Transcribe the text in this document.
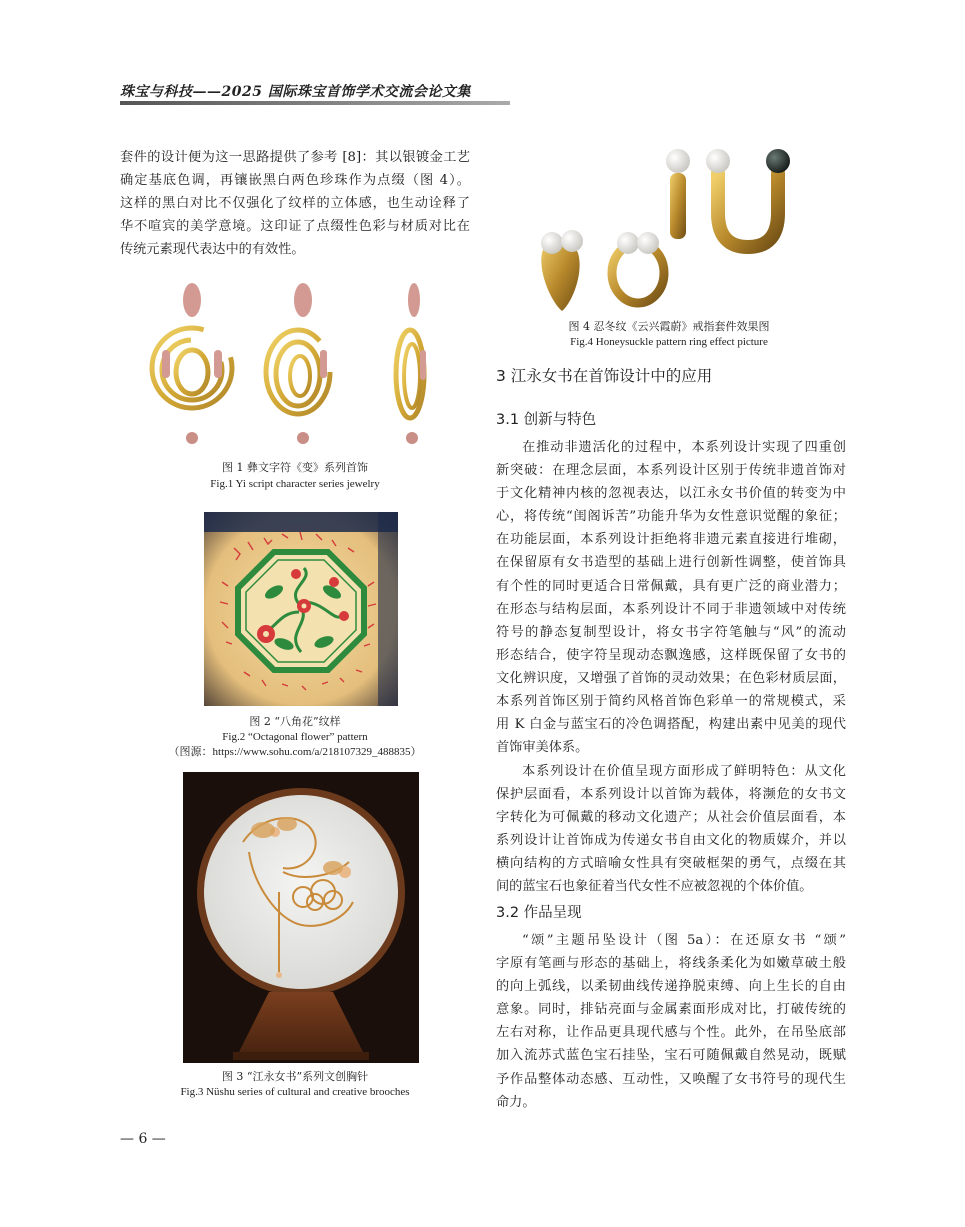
珠宝与科技——2025 国际珠宝首饰学术交流会论文集
套件的设计便为这一思路提供了参考 [8]：其以银镀金工艺
确定基底色调，再镶嵌黑白两色珍珠作为点缀（图 4）。
这样的黑白对比不仅强化了纹样的立体感，也生动诠释了
华不喧宾的美学意境。这印证了点缀性色彩与材质对比在
传统元素现代表达中的有效性。
图 1 彝文字符《变》系列首饰
Fig.1 Yi script character series jewelry
图 2 “八角花”纹样
Fig.2 “Octagonal flower” pattern
（图源：https://www.sohu.com/a/218107329_488835）
图 3 “江永女书”系列文创胸针
Fig.3 Nüshu series of cultural and creative brooches
图 4 忍冬纹《云兴霞蔚》戒指套件效果图
Fig.4 Honeysuckle pattern ring effect picture
3 江永女书在首饰设计中的应用
3.1 创新与特色
在推动非遗活化的过程中，本系列设计实现了四重创
新突破：在理念层面，本系列设计区别于传统非遗首饰对
于文化精神内核的忽视表达，以江永女书价值的转变为中
心，将传统“闺阁诉苦”功能升华为女性意识觉醒的象征；
在功能层面，本系列设计拒绝将非遗元素直接进行堆砌，
在保留原有女书造型的基础上进行创新性调整，使首饰具
有个性的同时更适合日常佩戴，具有更广泛的商业潜力；
在形态与结构层面，本系列设计不同于非遗领域中对传统
符号的静态复制型设计，将女书字符笔触与“风”的流动
形态结合，使字符呈现动态飘逸感，这样既保留了女书的
文化辨识度，又增强了首饰的灵动效果；在色彩材质层面，
本系列首饰区别于简约风格首饰色彩单一的常规模式，采
用 K 白金与蓝宝石的冷色调搭配，构建出素中见美的现代
首饰审美体系。
本系列设计在价值呈现方面形成了鲜明特色：从文化
保护层面看，本系列设计以首饰为载体，将濒危的女书文
字转化为可佩戴的移动文化遗产；从社会价值层面看，本
系列设计让首饰成为传递女书自由文化的物质媒介，并以
横向结构的方式暗喻女性具有突破框架的勇气，点缀在其
间的蓝宝石也象征着当代女性不应被忽视的个体价值。
3.2 作品呈现
“颂”主题吊坠设计（图 5a）：在还原女书 “颂”
字原有笔画与形态的基础上，将线条柔化为如嫩草破土般
的向上弧线，以柔韧曲线传递挣脱束缚、向上生长的自由
意象。同时，排钻亮面与金属素面形成对比，打破传统的
左右对称，让作品更具现代感与个性。此外，在吊坠底部
加入流苏式蓝色宝石挂坠，宝石可随佩戴自然晃动，既赋
予作品整体动态感、互动性，又唤醒了女书符号的现代生
命力。
— 6 —
